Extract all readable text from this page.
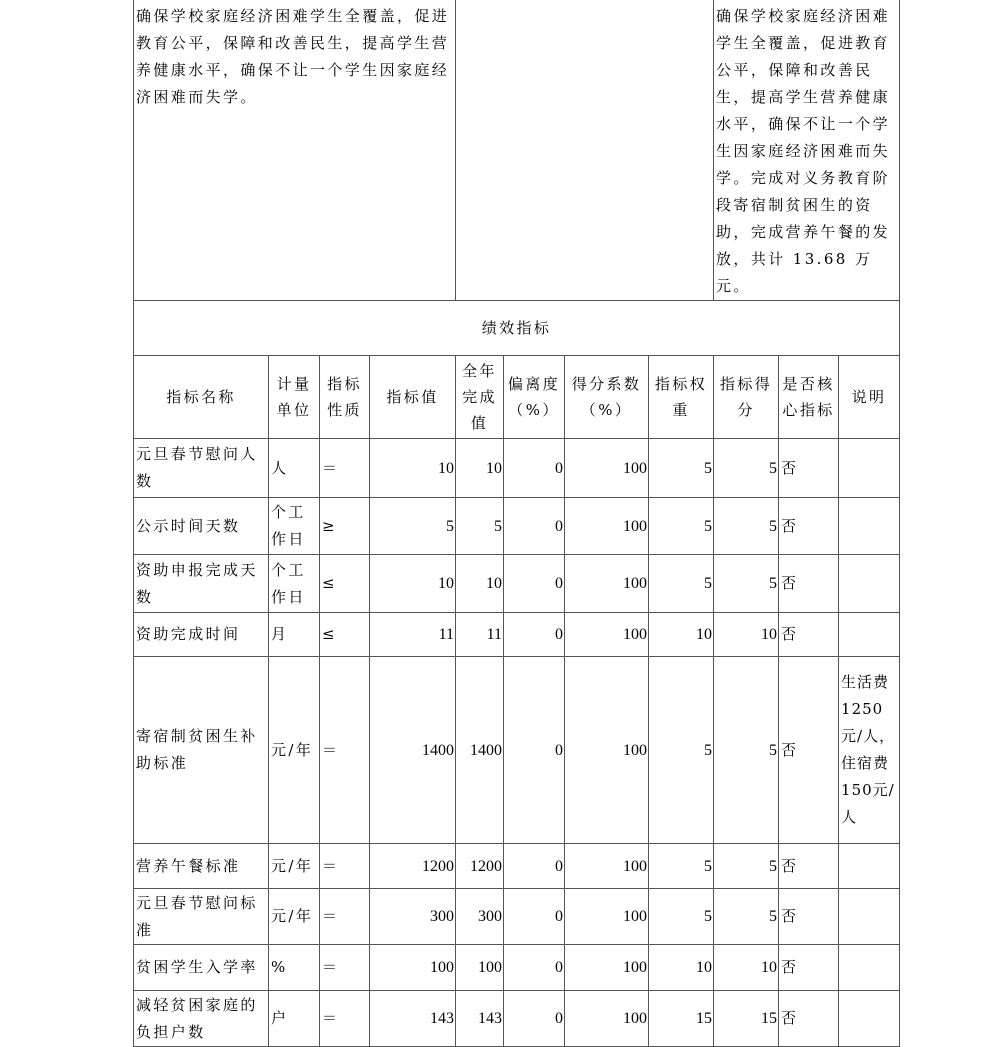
确保学校家庭经济困难学生全覆盖，促进教育公平，保障和改善民生，提高学生营养健康水平，确保不让一个学生因家庭经济困难而失学。								确保学校家庭经济困难学生全覆盖，促进教育公平，保障和改善民生，提高学生营养健康水平，确保不让一个学生因家庭经济困难而失学。完成对义务教育阶段寄宿制贫困生的资助，完成营养午餐的发放，共计 13.68 万元。		
绩效指标										
指标名称	计量单位	指标性质	指标值	全年完成值	偏离度（%）	得分系数（%）	指标权重	指标得分	是否核心指标	说明
元旦春节慰问人数	人	＝	10	10	0	100	5	5	否	
公示时间天数	个工作日	≥	5	5	0	100	5	5	否	
资助申报完成天数	个工作日	≤	10	10	0	100	5	5	否	
资助完成时间	月	≤	11	11	0	100	10	10	否	
寄宿制贫困生补助标准	元/年	＝	1400	1400	0	100	5	5	否	生活费1250元/人，住宿费150元/人
营养午餐标准	元/年	＝	1200	1200	0	100	5	5	否	
元旦春节慰问标准	元/年	＝	300	300	0	100	5	5	否	
贫困学生入学率	%	＝	100	100	0	100	10	10	否	
减轻贫困家庭的负担户数	户	＝	143	143	0	100	15	15	否	
